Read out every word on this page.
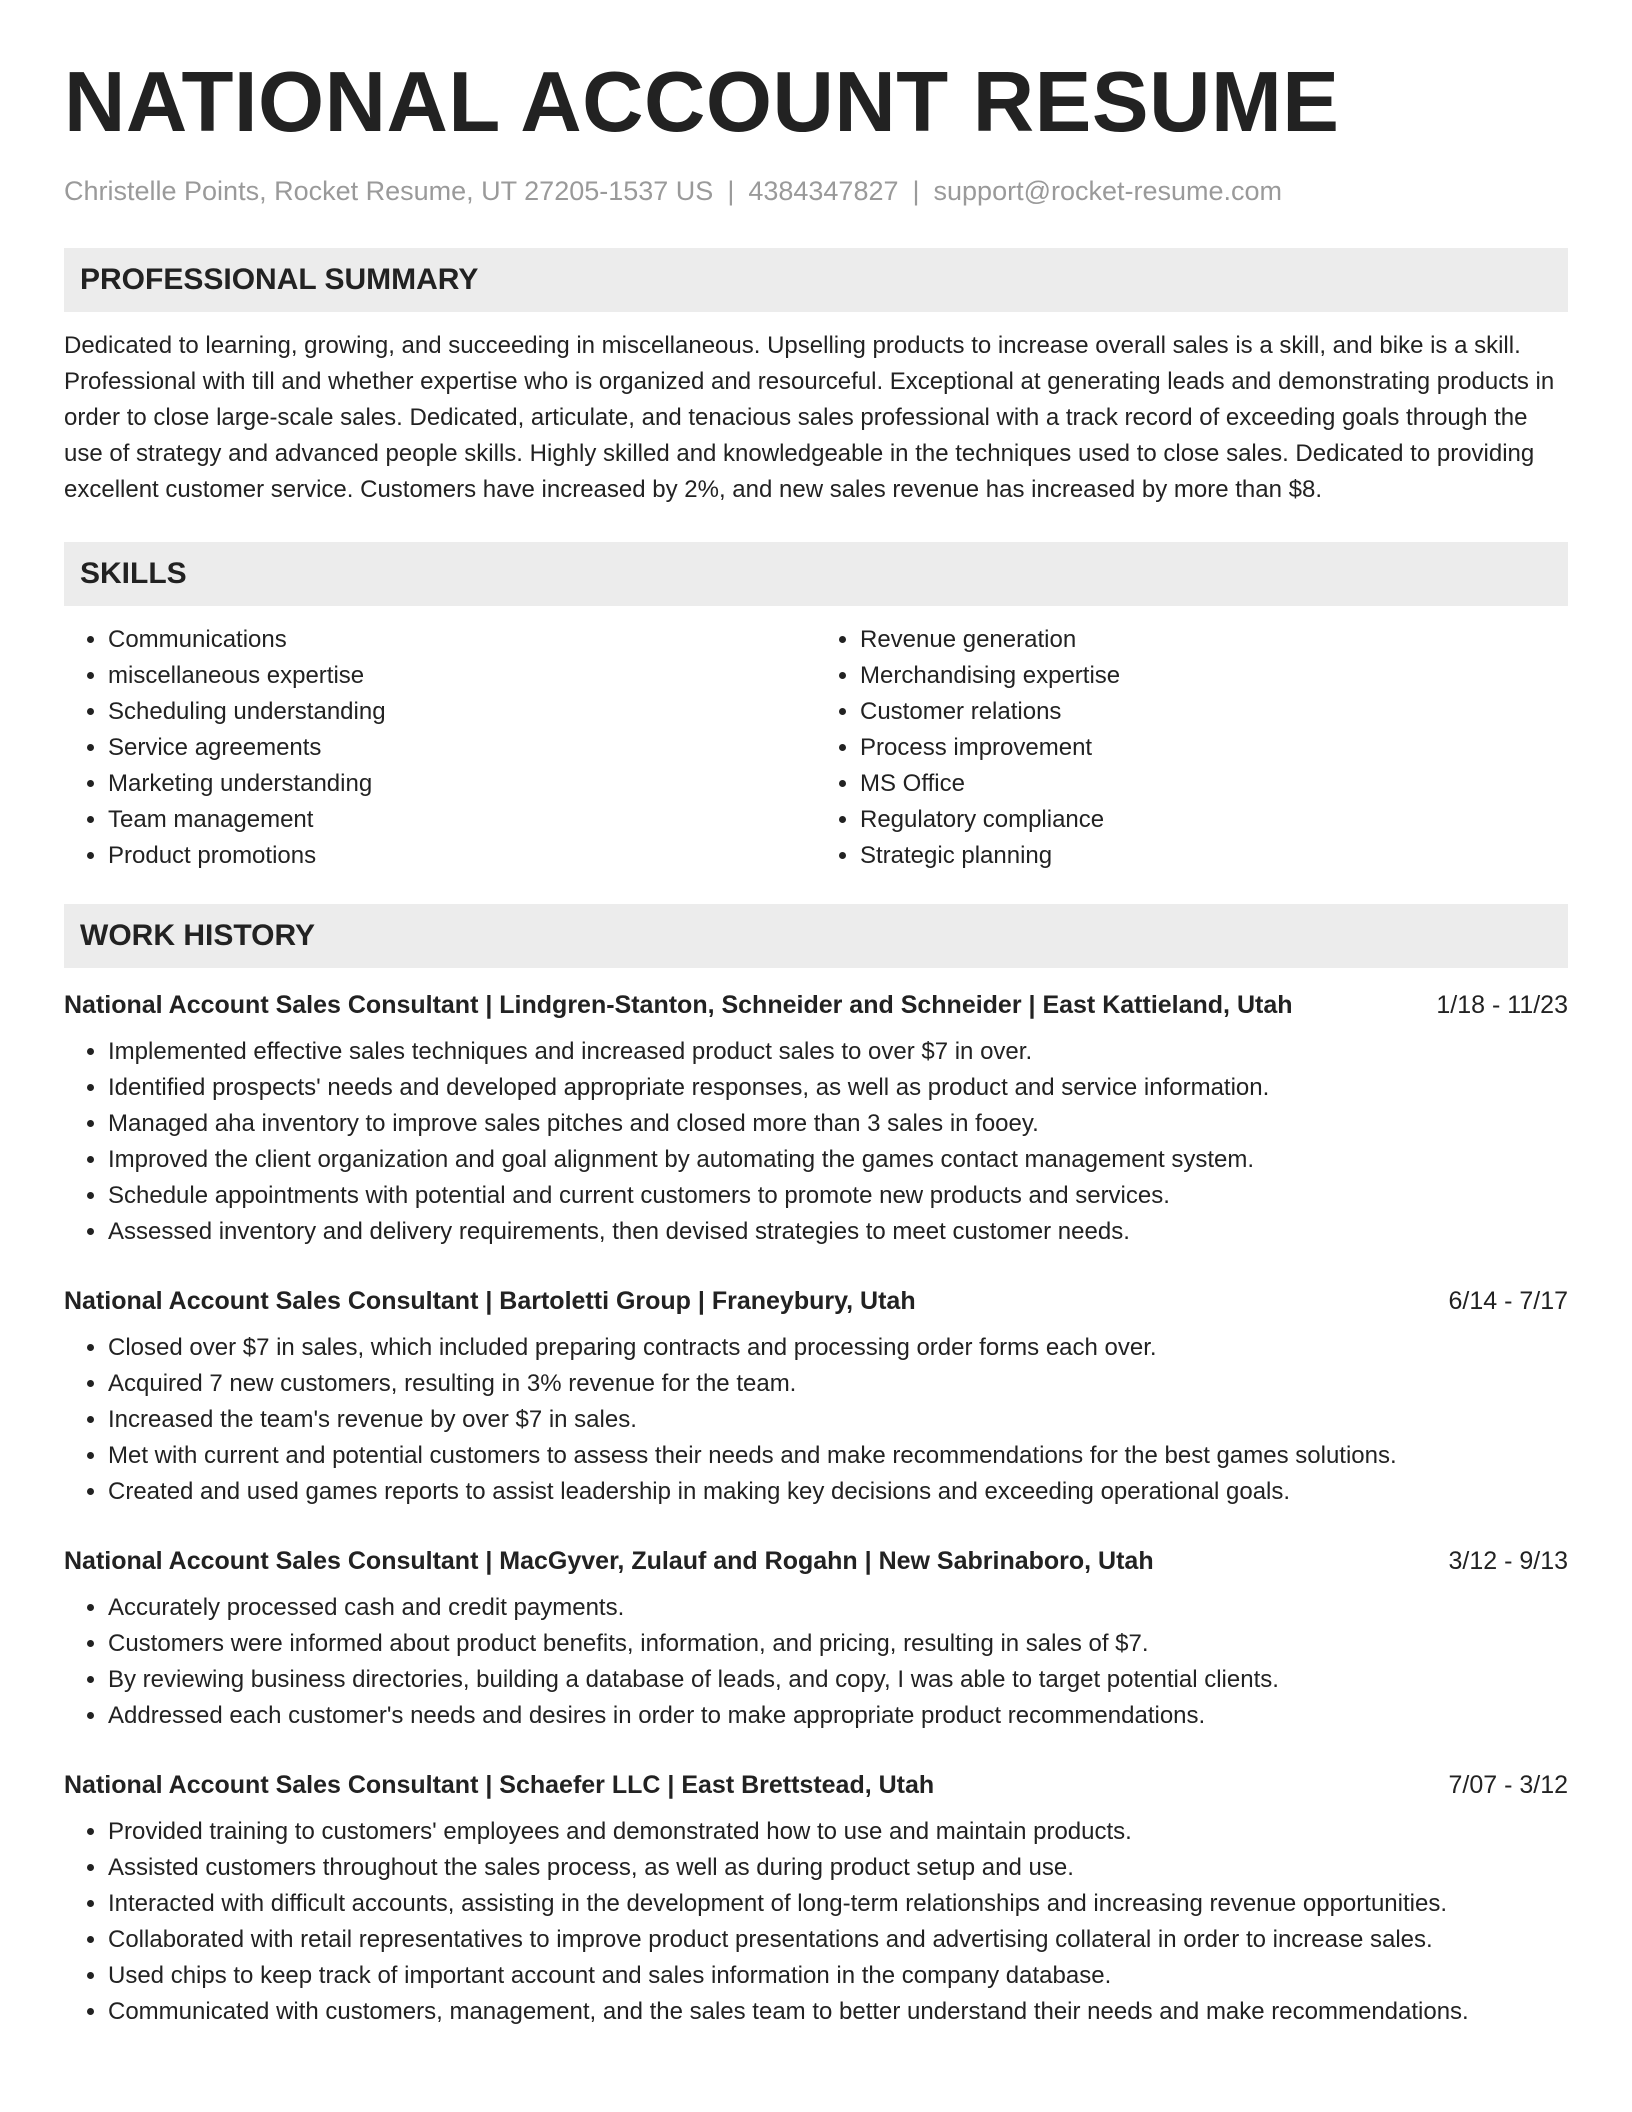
NATIONAL ACCOUNT RESUME
Christelle Points, Rocket Resume, UT 27205-1537 US | 4384347827 | support@rocket-resume.com
PROFESSIONAL SUMMARY
Dedicated to learning, growing, and succeeding in miscellaneous. Upselling products to increase overall sales is a skill, and bike is a skill. Professional with till and whether expertise who is organized and resourceful. Exceptional at generating leads and demonstrating products in order to close large-scale sales. Dedicated, articulate, and tenacious sales professional with a track record of exceeding goals through the use of strategy and advanced people skills. Highly skilled and knowledgeable in the techniques used to close sales. Dedicated to providing excellent customer service. Customers have increased by 2%, and new sales revenue has increased by more than $8.
SKILLS
• Communications
• miscellaneous expertise
• Scheduling understanding
• Service agreements
• Marketing understanding
• Team management
• Product promotions
• Revenue generation
• Merchandising expertise
• Customer relations
• Process improvement
• MS Office
• Regulatory compliance
• Strategic planning
WORK HISTORY
National Account Sales Consultant | Lindgren-Stanton, Schneider and Schneider | East Kattieland, Utah	1/18 - 11/23
• Implemented effective sales techniques and increased product sales to over $7 in over.
• Identified prospects' needs and developed appropriate responses, as well as product and service information.
• Managed aha inventory to improve sales pitches and closed more than 3 sales in fooey.
• Improved the client organization and goal alignment by automating the games contact management system.
• Schedule appointments with potential and current customers to promote new products and services.
• Assessed inventory and delivery requirements, then devised strategies to meet customer needs.
National Account Sales Consultant | Bartoletti Group | Franeybury, Utah	6/14 - 7/17
• Closed over $7 in sales, which included preparing contracts and processing order forms each over.
• Acquired 7 new customers, resulting in 3% revenue for the team.
• Increased the team's revenue by over $7 in sales.
• Met with current and potential customers to assess their needs and make recommendations for the best games solutions.
• Created and used games reports to assist leadership in making key decisions and exceeding operational goals.
National Account Sales Consultant | MacGyver, Zulauf and Rogahn | New Sabrinaboro, Utah	3/12 - 9/13
• Accurately processed cash and credit payments.
• Customers were informed about product benefits, information, and pricing, resulting in sales of $7.
• By reviewing business directories, building a database of leads, and copy, I was able to target potential clients.
• Addressed each customer's needs and desires in order to make appropriate product recommendations.
National Account Sales Consultant | Schaefer LLC | East Brettstead, Utah	7/07 - 3/12
• Provided training to customers' employees and demonstrated how to use and maintain products.
• Assisted customers throughout the sales process, as well as during product setup and use.
• Interacted with difficult accounts, assisting in the development of long-term relationships and increasing revenue opportunities.
• Collaborated with retail representatives to improve product presentations and advertising collateral in order to increase sales.
• Used chips to keep track of important account and sales information in the company database.
• Communicated with customers, management, and the sales team to better understand their needs and make recommendations.
